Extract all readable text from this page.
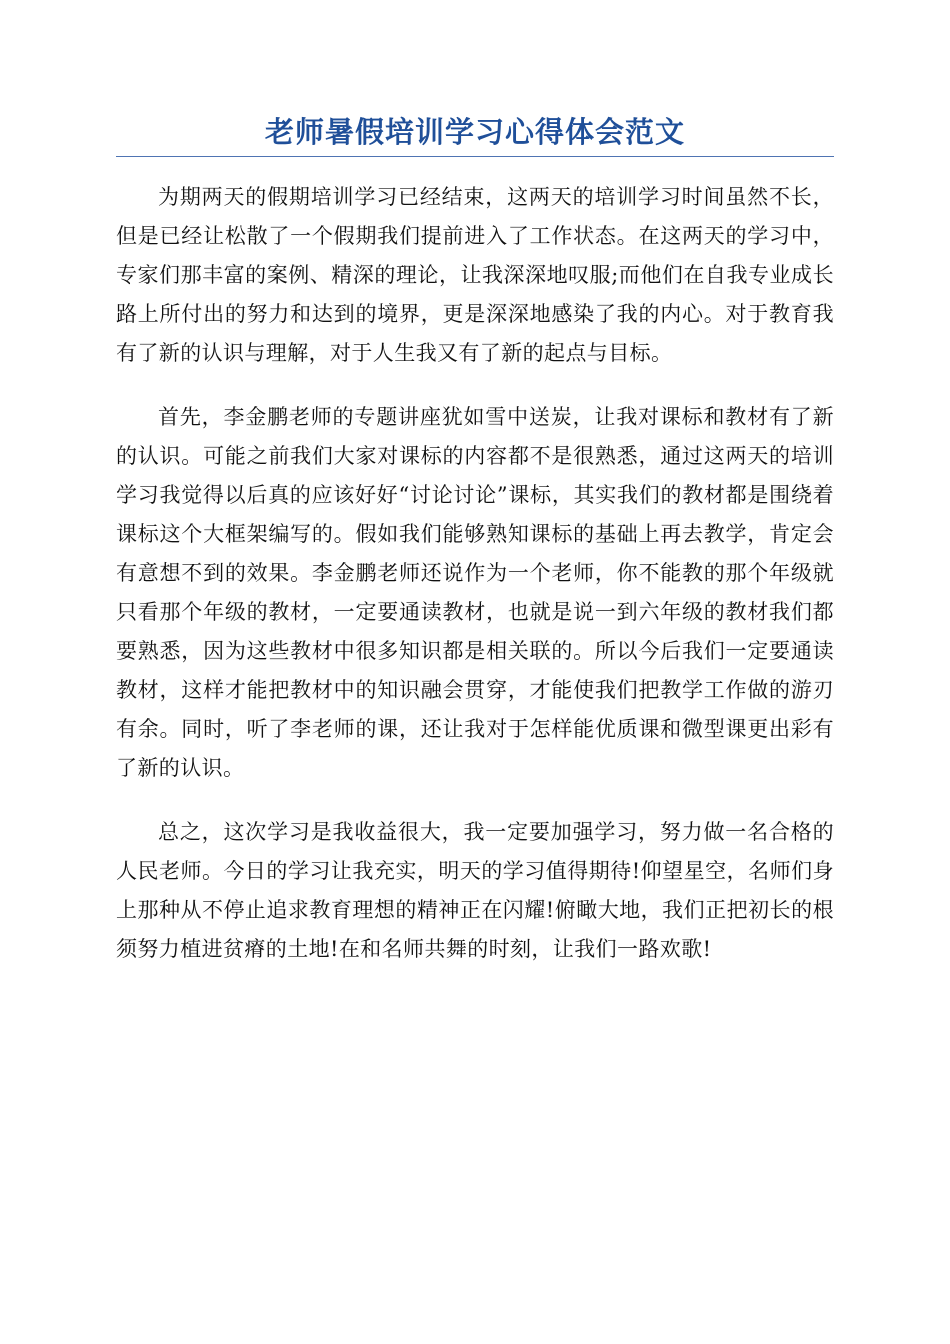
老师暑假培训学习心得体会范文

为期两天的假期培训学习已经结束，这两天的培训学习时间虽然不长，但是已经让松散了一个假期我们提前进入了工作状态。在这两天的学习中，专家们那丰富的案例、精深的理论，让我深深地叹服;而他们在自我专业成长路上所付出的努力和达到的境界，更是深深地感染了我的内心。对于教育我有了新的认识与理解，对于人生我又有了新的起点与目标。

首先，李金鹏老师的专题讲座犹如雪中送炭，让我对课标和教材有了新的认识。可能之前我们大家对课标的内容都不是很熟悉，通过这两天的培训学习我觉得以后真的应该好好“讨论讨论”课标，其实我们的教材都是围绕着课标这个大框架编写的。假如我们能够熟知课标的基础上再去教学，肯定会有意想不到的效果。李金鹏老师还说作为一个老师，你不能教的那个年级就只看那个年级的教材，一定要通读教材，也就是说一到六年级的教材我们都要熟悉，因为这些教材中很多知识都是相关联的。所以今后我们一定要通读教材，这样才能把教材中的知识融会贯穿，才能使我们把教学工作做的游刃有余。同时，听了李老师的课，还让我对于怎样能优质课和微型课更出彩有了新的认识。

总之，这次学习是我收益很大，我一定要加强学习，努力做一名合格的人民老师。今日的学习让我充实，明天的学习值得期待!仰望星空，名师们身上那种从不停止追求教育理想的精神正在闪耀!俯瞰大地，我们正把初长的根须努力植进贫瘠的土地!在和名师共舞的时刻，让我们一路欢歌!
